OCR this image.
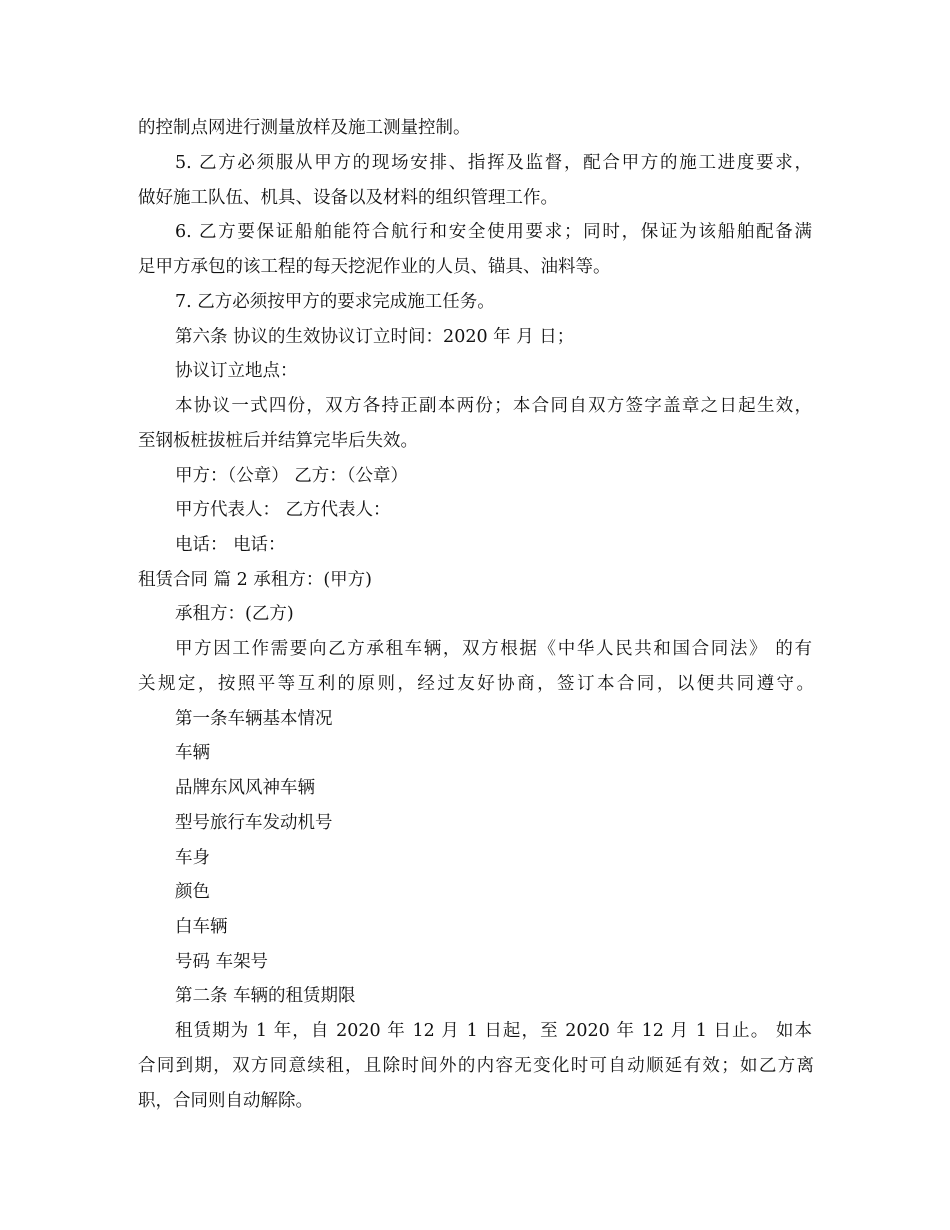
的控制点网进行测量放样及施工测量控制。
5. 乙方必须服从甲方的现场安排、指挥及监督，配合甲方的施工进度要求，
做好施工队伍、机具、设备以及材料的组织管理工作。
6. 乙方要保证船舶能符合航行和安全使用要求；同时，保证为该船舶配备满
足甲方承包的该工程的每天挖泥作业的人员、锚具、油料等。
7. 乙方必须按甲方的要求完成施工任务。
第六条 协议的生效协议订立时间：2020 年 月 日；
协议订立地点：
本协议一式四份，双方各持正副本两份；本合同自双方签字盖章之日起生效，
至钢板桩拔桩后并结算完毕后失效。
甲方：（公章） 乙方：（公章）
甲方代表人： 乙方代表人：
电话： 电话：
租赁合同 篇 2 承租方：(甲方)
承租方：(乙方)
甲方因工作需要向乙方承租车辆，双方根据《中华人民共和国合同法》 的有
关规定，按照平等互利的原则，经过友好协商，签订本合同，以便共同遵守。
第一条车辆基本情况
车辆
品牌东风风神车辆
型号旅行车发动机号
车身
颜色
白车辆
号码 车架号
第二条 车辆的租赁期限
租赁期为 1 年，自 2020 年 12 月 1 日起，至 2020 年 12 月 1 日止。 如本
合同到期，双方同意续租，且除时间外的内容无变化时可自动顺延有效；如乙方离
职，合同则自动解除。
